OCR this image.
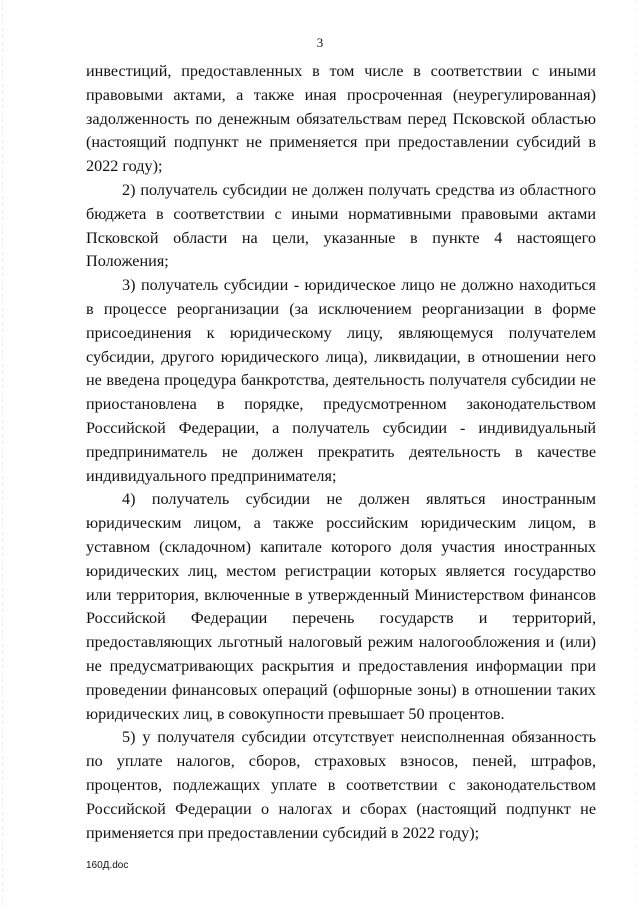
3

инвестиций, предоставленных в том числе в соответствии с иными правовыми актами, а также иная просроченная (неурегулированная) задолженность по денежным обязательствам перед Псковской областью (настоящий подпункт не применяется при предоставлении субсидий в 2022 году);

2) получатель субсидии не должен получать средства из областного бюджета в соответствии с иными нормативными правовыми актами Псковской области на цели, указанные в пункте 4 настоящего Положения;

3) получатель субсидии - юридическое лицо не должно находиться в процессе реорганизации (за исключением реорганизации в форме присоединения к юридическому лицу, являющемуся получателем субсидии, другого юридического лица), ликвидации, в отношении него не введена процедура банкротства, деятельность получателя субсидии не приостановлена в порядке, предусмотренном законодательством Российской Федерации, а получатель субсидии - индивидуальный предприниматель не должен прекратить деятельность в качестве индивидуального предпринимателя;

4) получатель субсидии не должен являться иностранным юридическим лицом, а также российским юридическим лицом, в уставном (складочном) капитале которого доля участия иностранных юридических лиц, местом регистрации которых является государство или территория, включенные в утвержденный Министерством финансов Российской Федерации перечень государств и территорий, предоставляющих льготный налоговый режим налогообложения и (или) не предусматривающих раскрытия и предоставления информации при проведении финансовых операций (офшорные зоны) в отношении таких юридических лиц, в совокупности превышает 50 процентов.

5) у получателя субсидии отсутствует неисполненная обязанность по уплате налогов, сборов, страховых взносов, пеней, штрафов, процентов, подлежащих уплате в соответствии с законодательством Российской Федерации о налогах и сборах (настоящий подпункт не применяется при предоставлении субсидий в 2022 году);

160Д.doc
